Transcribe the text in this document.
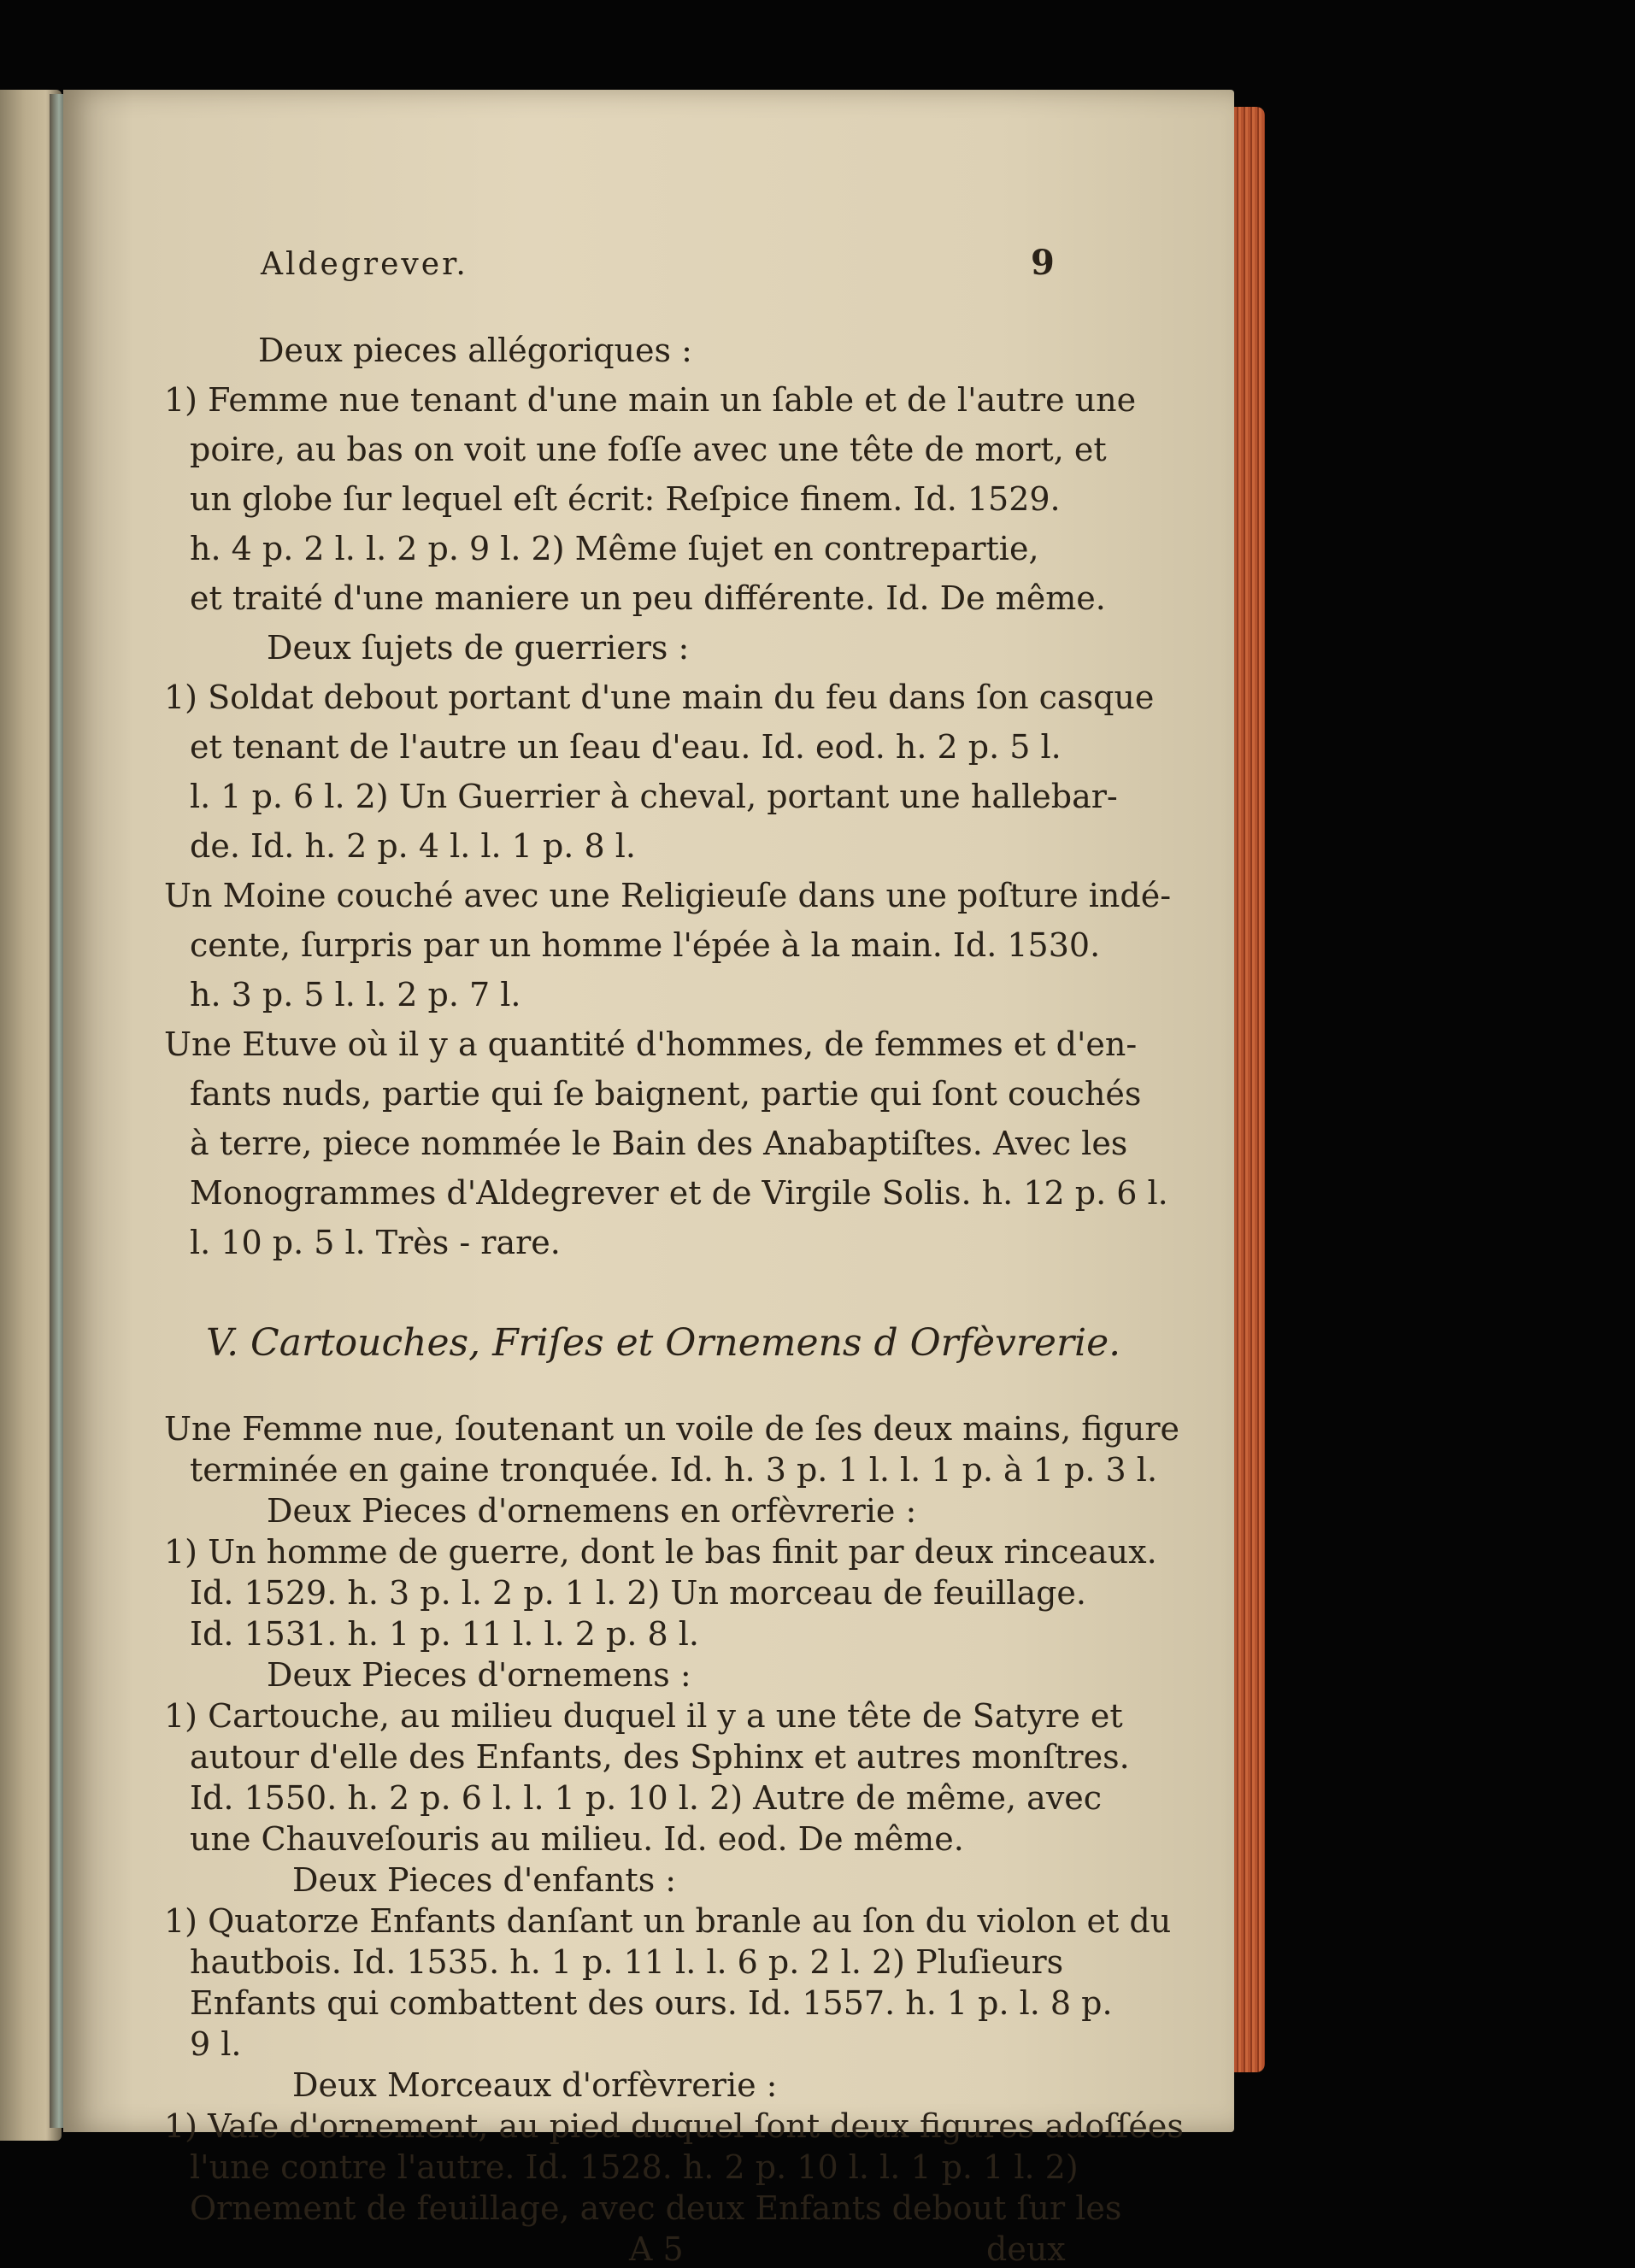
Aldegrever.	9
Deux pieces allégoriques :
1) Femme nue tenant d'une main un ſable et de l'autre une
poire, au bas on voit une foſſe avec une tête de mort, et
un globe ſur lequel eſt écrit: Reſpice finem. Id. 1529.
h. 4 p. 2 l. l. 2 p. 9 l. 2) Même ſujet en contrepartie,
et traité d'une maniere un peu différente. Id. De même.
Deux ſujets de guerriers :
1) Soldat debout portant d'une main du feu dans ſon casque
et tenant de l'autre un ſeau d'eau. Id. eod. h. 2 p. 5 l.
l. 1 p. 6 l. 2) Un Guerrier à cheval, portant une hallebar-
de. Id. h. 2 p. 4 l. l. 1 p. 8 l.
Un Moine couché avec une Religieuſe dans une poſture indé-
cente, ſurpris par un homme l'épée à la main. Id. 1530.
h. 3 p. 5 l. l. 2 p. 7 l.
Une Etuve où il y a quantité d'hommes, de femmes et d'en-
fants nuds, partie qui ſe baignent, partie qui ſont couchés
à terre, piece nommée le Bain des Anabaptiſtes. Avec les
Monogrammes d'Aldegrever et de Virgile Solis. h. 12 p. 6 l.
l. 10 p. 5 l. Très - rare.
V. Cartouches, Friſes et Ornemens d Orfèvrerie.
Une Femme nue, ſoutenant un voile de ſes deux mains, figure
terminée en gaine tronquée. Id. h. 3 p. 1 l. l. 1 p. à 1 p. 3 l.
Deux Pieces d'ornemens en orfèvrerie :
1) Un homme de guerre, dont le bas finit par deux rinceaux.
Id. 1529. h. 3 p. l. 2 p. 1 l. 2) Un morceau de feuillage.
Id. 1531. h. 1 p. 11 l. l. 2 p. 8 l.
Deux Pieces d'ornemens :
1) Cartouche, au milieu duquel il y a une tête de Satyre et
autour d'elle des Enfants, des Sphinx et autres monſtres.
Id. 1550. h. 2 p. 6 l. l. 1 p. 10 l. 2) Autre de même, avec
une Chauveſouris au milieu. Id. eod. De même.
Deux Pieces d'enfants :
1) Quatorze Enfants danſant un branle au ſon du violon et du
hautbois. Id. 1535. h. 1 p. 11 l. l. 6 p. 2 l. 2) Pluſieurs
Enfants qui combattent des ours. Id. 1557. h. 1 p. l. 8 p.
9 l.
Deux Morceaux d'orfèvrerie :
1) Vaſe d'ornement, au pied duquel ſont deux figures adoſſées
l'une contre l'autre. Id. 1528. h. 2 p. 10 l. l. 1 p. 1 l. 2)
Ornement de feuillage, avec deux Enfants debout ſur les
A 5	deux
